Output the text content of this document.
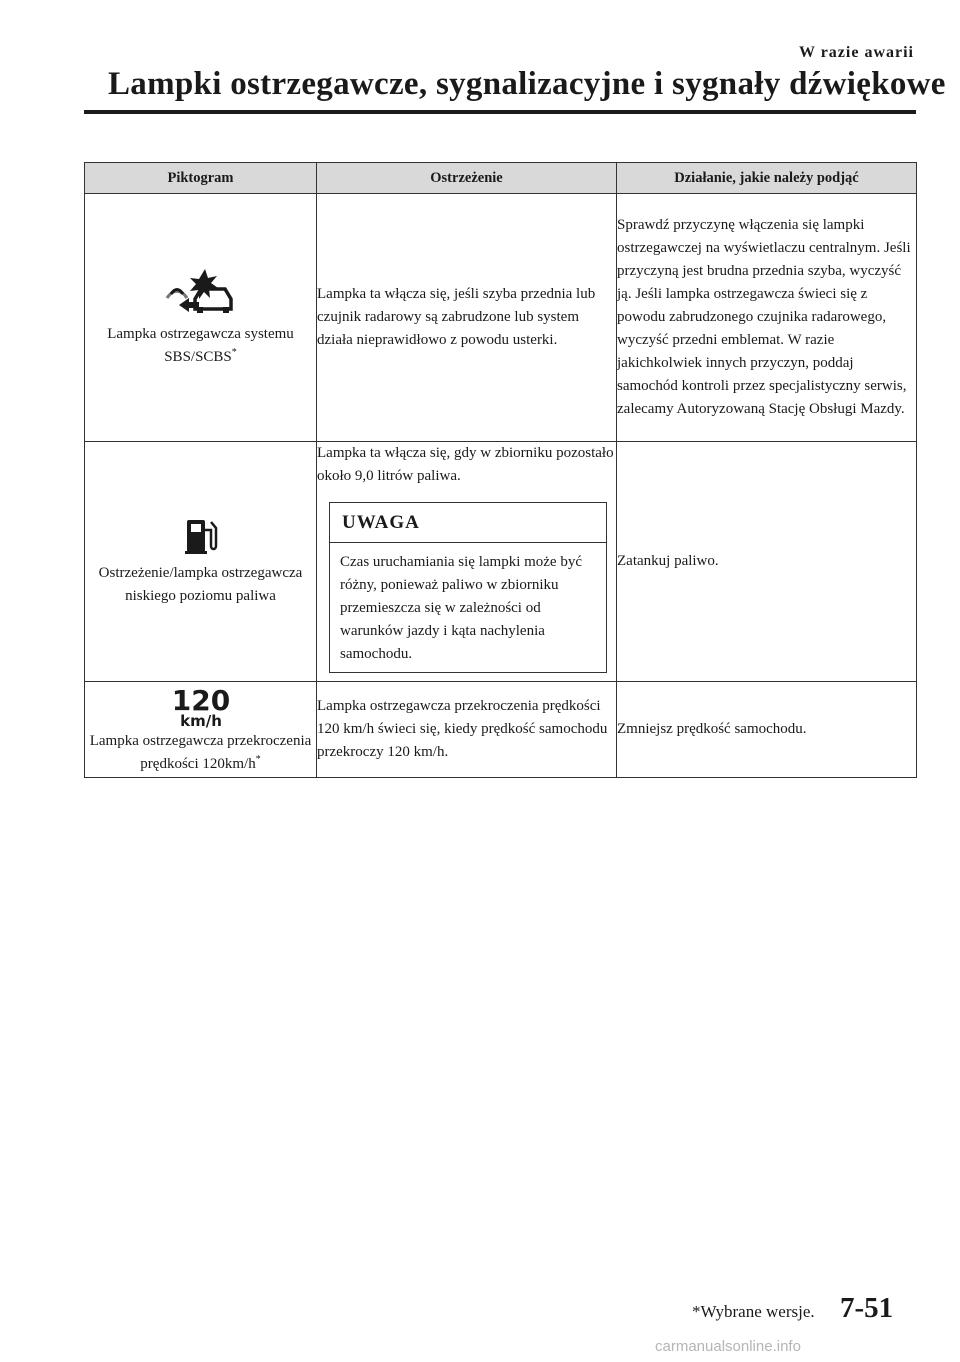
W razie awarii
Lampki ostrzegawcze, sygnalizacyjne i sygnały dźwiękowe
Piktogram	Ostrzeżenie	Działanie, jakie należy podjąć

Lampka ostrzegawcza systemu SBS/SCBS*	Lampka ta włącza się, jeśli szyba przednia lub czujnik radarowy są zabrudzone lub system działa nieprawidłowo z powodu usterki.	Sprawdź przyczynę włączenia się lampki ostrzegawczej na wyświetlaczu centralnym. Jeśli przyczyną jest brudna przednia szyba, wyczyść ją. Jeśli lampka ostrzegawcza świeci się z powodu zabrudzonego czujnika radarowego, wyczyść przedni emblemat. W razie jakichkolwiek innych przyczyn, poddaj samochód kontroli przez specjalistyczny serwis, zalecamy Autoryzowaną Stację Obsługi Mazdy.

Ostrzeżenie/lampka ostrzegawcza niskiego poziomu paliwa	Lampka ta włącza się, gdy w zbiorniku pozostało około 9,0 litrów paliwa.
UWAGA
Czas uruchamiania się lampki może być różny, ponieważ paliwo w zbiorniku przemieszcza się w zależności od warunków jazdy i kąta nachylenia samochodu.	Zatankuj paliwo.

120
km/h
Lampka ostrzegawcza przekroczenia prędkości 120km/h*	Lampka ostrzegawcza przekroczenia prędkości 120 km/h świeci się, kiedy prędkość samochodu przekroczy 120 km/h.	Zmniejsz prędkość samochodu.
*Wybrane wersje. 7-51
carmanualsonline.info
